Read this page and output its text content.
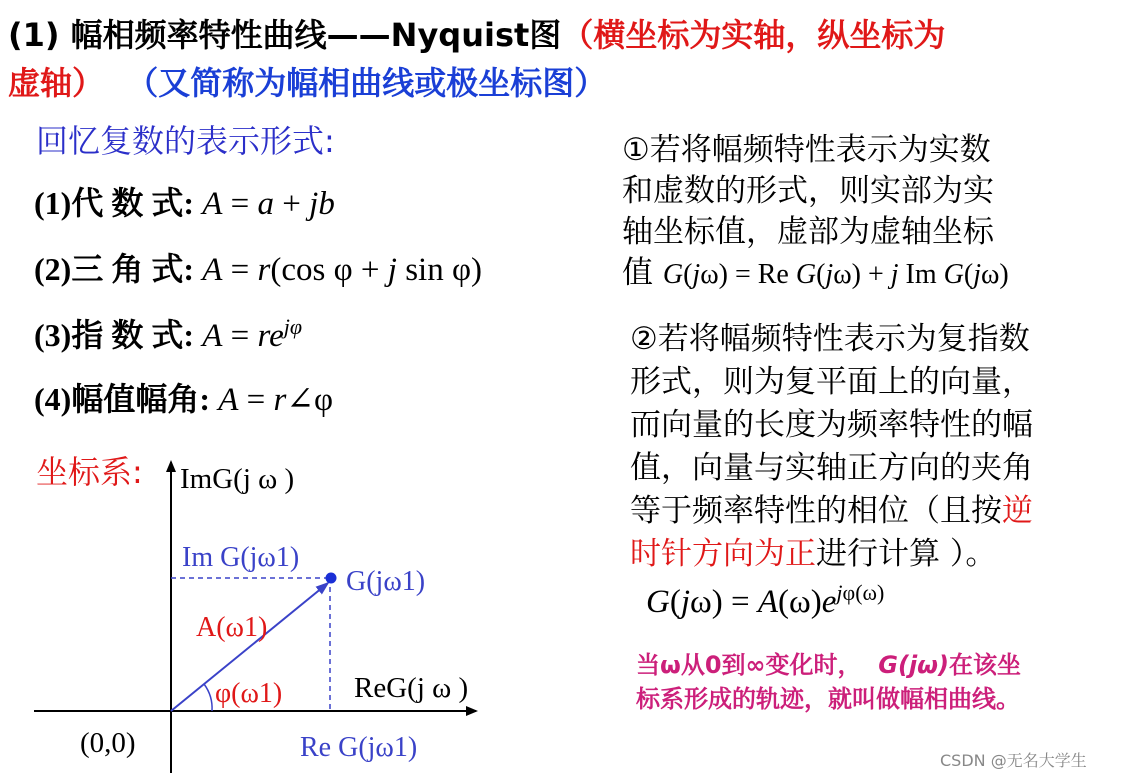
(1) 幅相频率特性曲线——Nyquist图（横坐标为实轴，纵坐标为
虚轴） （又简称为幅相曲线或极坐标图）
回忆复数的表示形式:
(1)代 数 式: A = a + jb
(2)三 角 式: A = r(cos φ + j sin φ)
(3)指 数 式: $A = re^{j\varphi}$
(4)幅值幅角: A = r∠φ
①若将幅频特性表示为实数
和虚数的形式，则实部为实
轴坐标值，虚部为虚轴坐标
值 G(jω) = Re G(jω) + j Im G(jω)
②若将幅频特性表示为复指数
形式，则为复平面上的向量，
而向量的长度为频率特性的幅
值，向量与实轴正方向的夹角
等于频率特性的相位（且按逆
时针方向为正进行计算 ）。
$G(j\omega) = A(\omega)e^{j\varphi(\omega)}$
当ω从0到∞变化时， G(jω)在该坐
标系形成的轨迹，就叫做幅相曲线。
坐标系: ImG(j ω )
ReG(j ω )
(0,0)
Im G(jω1)
Re G(jω1)
G(jω1)
A(ω1)
φ(ω1)
CSDN @无名大学生
